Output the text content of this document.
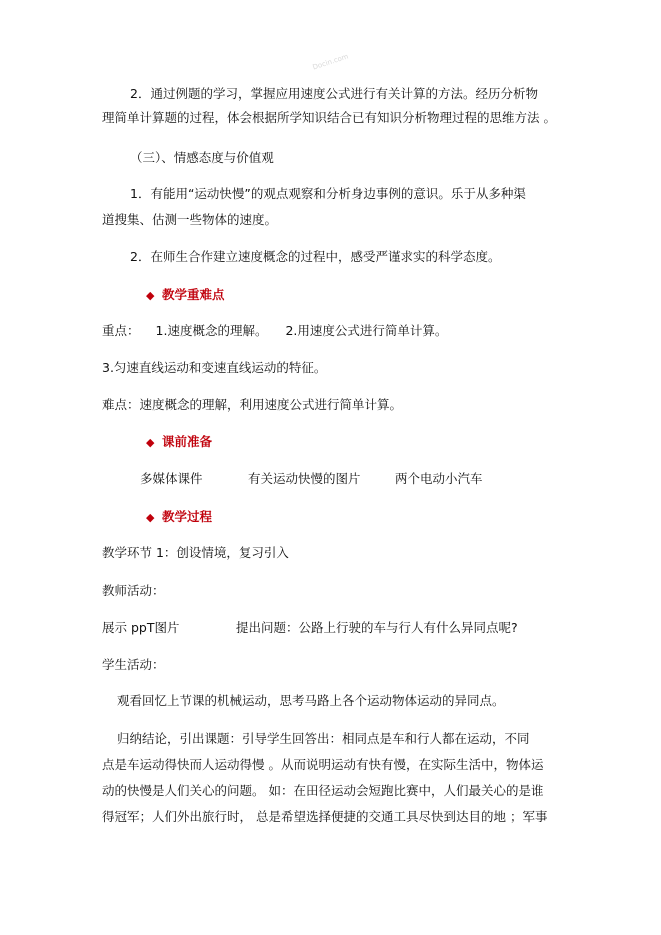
Docin.com
2．通过例题的学习，掌握应用速度公式进行有关计算的方法。经历分析物
理简单计算题的过程，体会根据所学知识结合已有知识分析物理过程的思维方法 。
（三）、情感态度与价值观
1．有能用“运动快慢”的观点观察和分析身边事例的意识。乐于从多种渠
道搜集、估测一些物体的速度。
2．在师生合作建立速度概念的过程中，感受严谨求实的科学态度。
◆ 教学重难点
重点： 1.速度概念的理解。 2.用速度公式进行简单计算。
3.匀速直线运动和变速直线运动的特征。
难点：速度概念的理解，利用速度公式进行简单计算。
◆ 课前准备
多媒体课件	有关运动快慢的图片	两个电动小汽车
◆ 教学过程
教学环节 1：创设情境，复习引入
教师活动：
展示 ppT图片	提出问题：公路上行驶的车与行人有什么异同点呢?
学生活动：
观看回忆上节课的机械运动，思考马路上各个运动物体运动的异同点。
归纳结论，引出课题：引导学生回答出：相同点是车和行人都在运动，不同
点是车运动得快而人运动得慢 。从而说明运动有快有慢，在实际生活中，物体运
动的快慢是人们关心的问题。 如：在田径运动会短跑比赛中，人们最关心的是谁
得冠军；人们外出旅行时， 总是希望选择便捷的交通工具尽快到达目的地 ；军事
